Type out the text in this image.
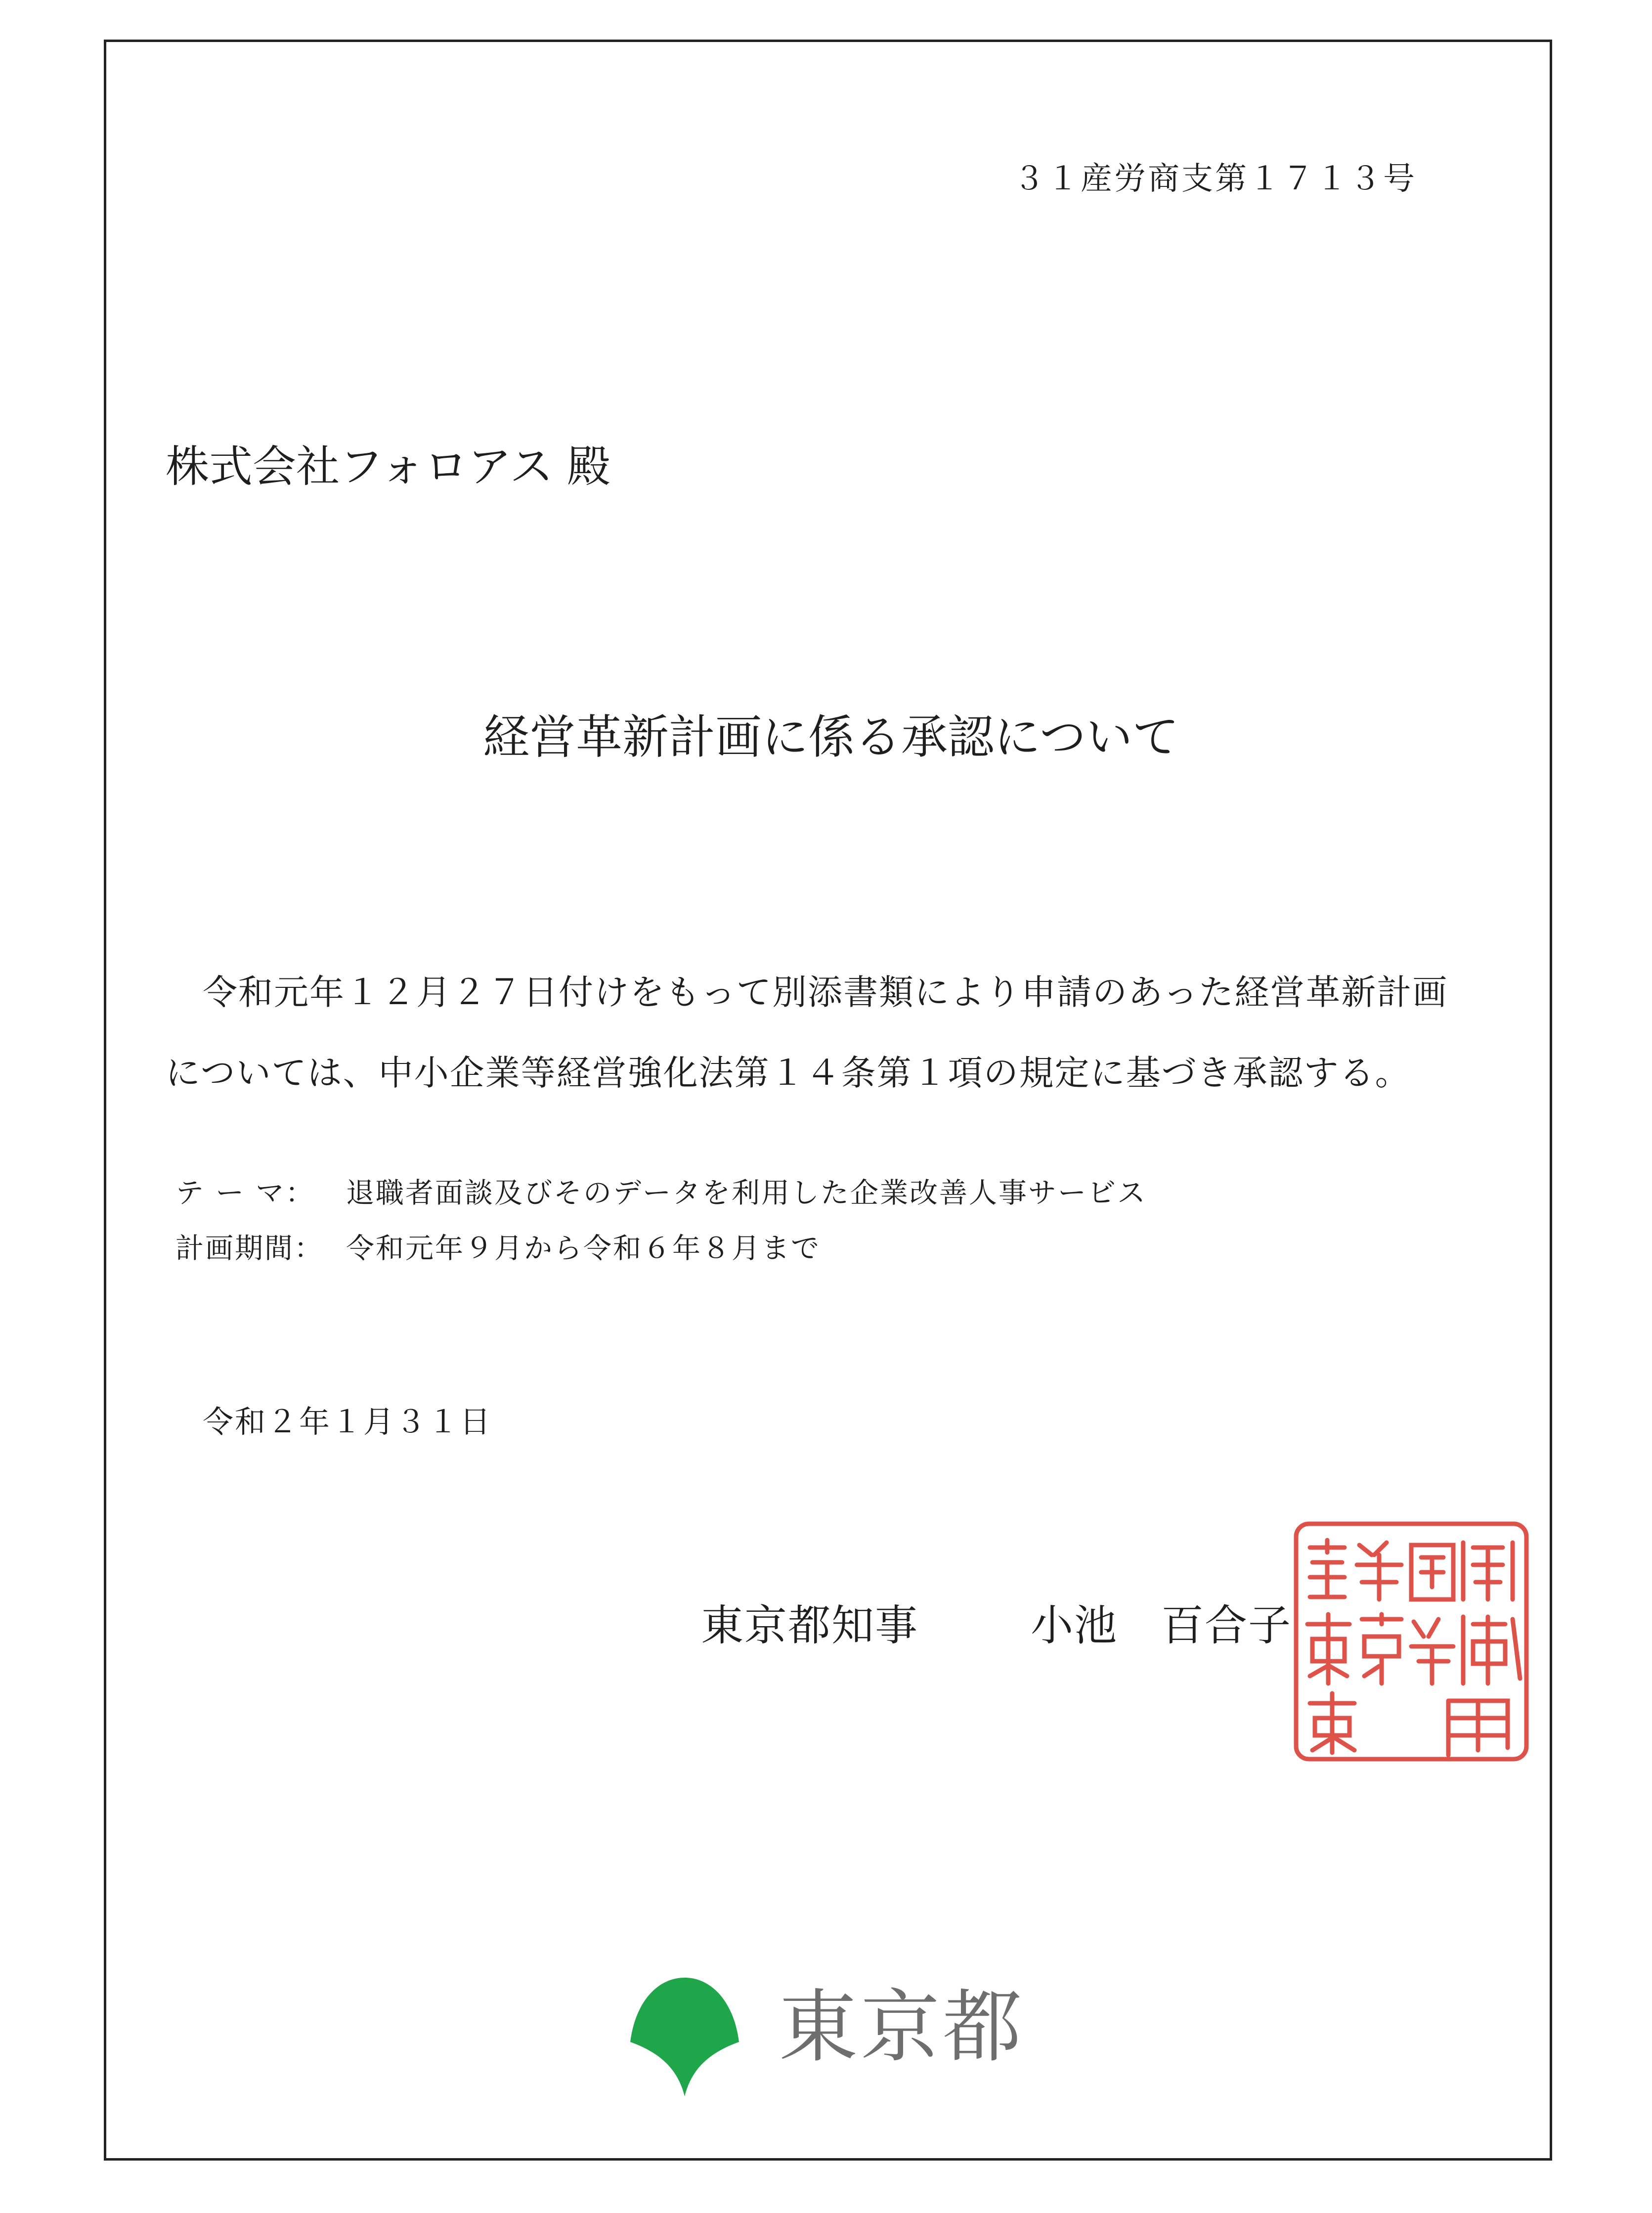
３１産労商支第１７１３号

株式会社フォロアス 殿

経営革新計画に係る承認について

令和元年１２月２７日付けをもって別添書類により申請のあった経営革新計画

については、中小企業等経営強化法第１４条第１項の規定に基づき承認する。

テ ー マ： 退職者面談及びそのデータを利用した企業改善人事サービス

計画期間： 令和元年９月から令和６年８月まで

令和２年１月３１日

東京都知事	小池　百合子

東京都
